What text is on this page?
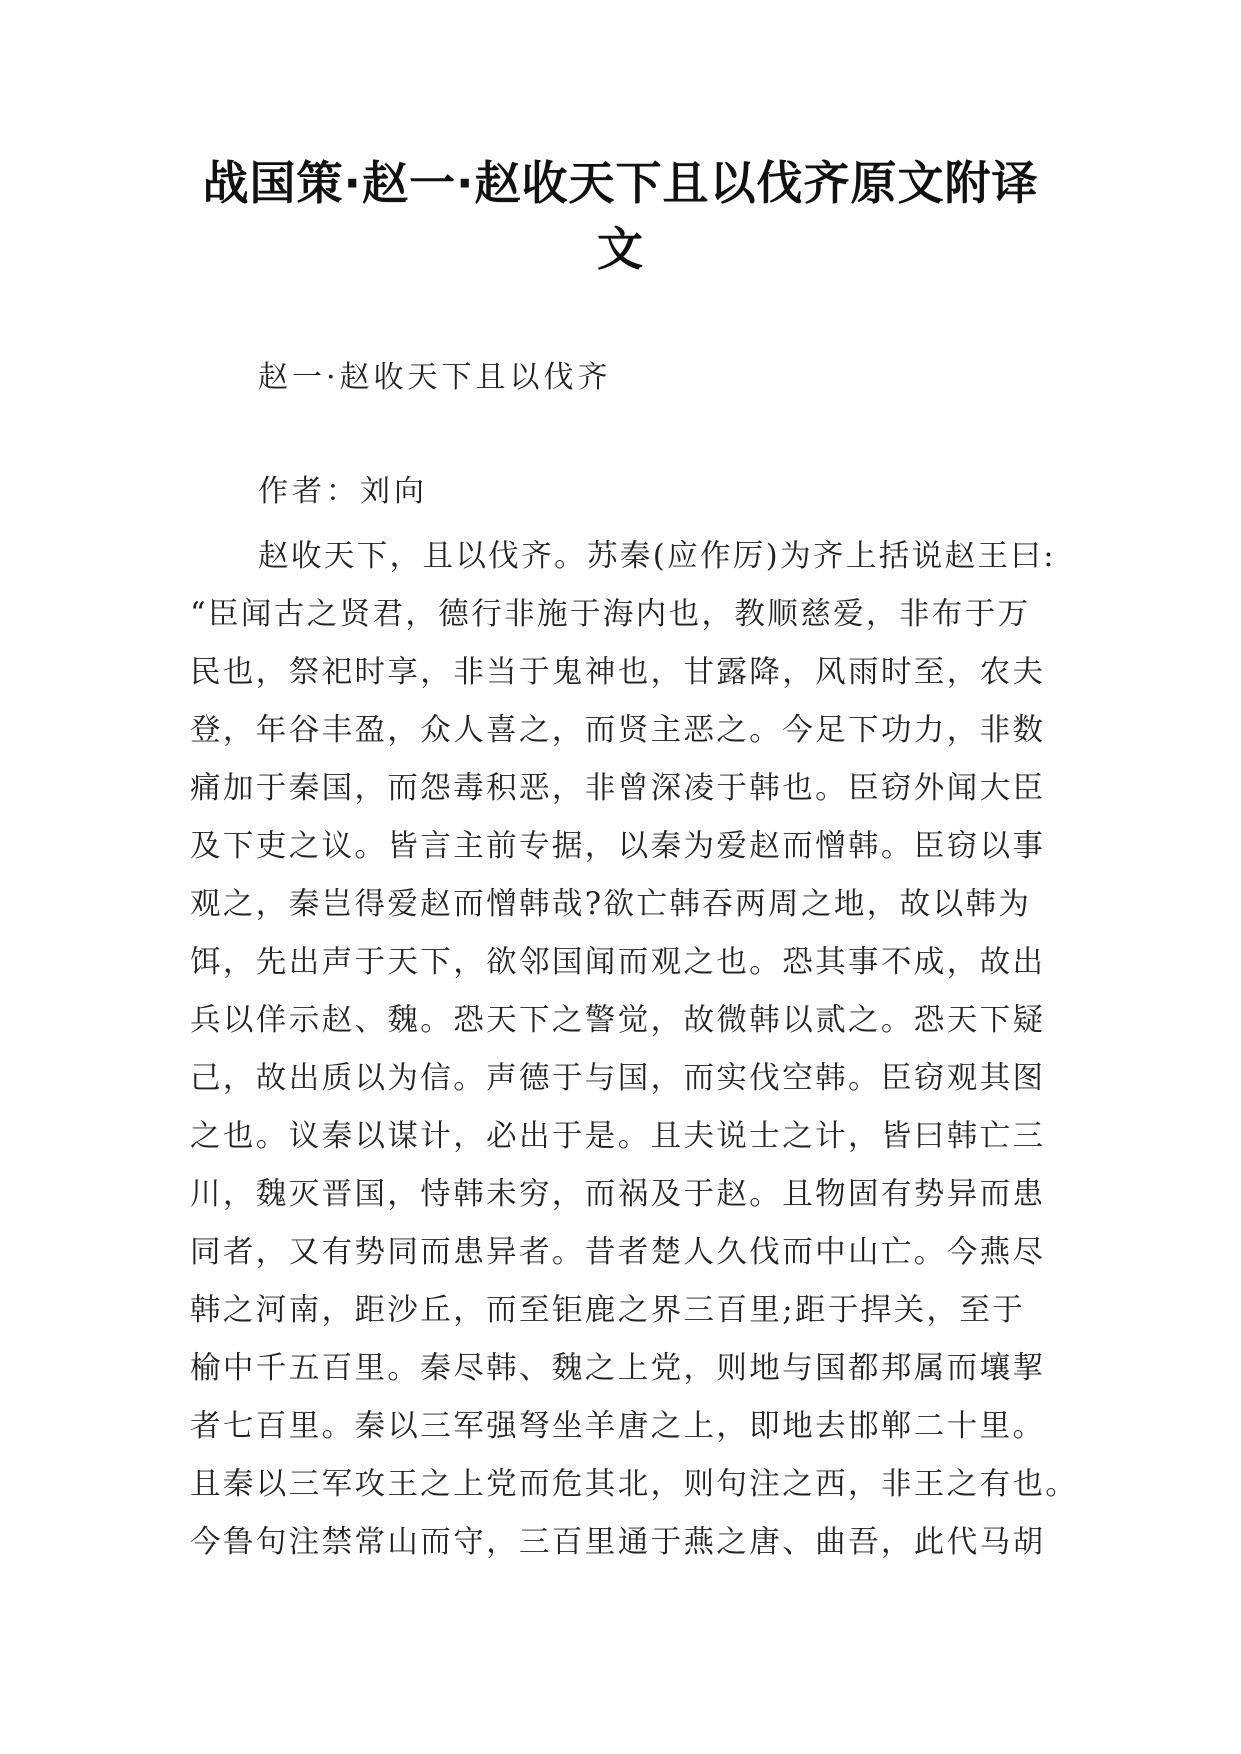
战国策·赵一·赵收天下且以伐齐原文附译
文
赵一·赵收天下且以伐齐
作者：刘向
赵收天下，且以伐齐。苏秦(应作厉)为齐上括说赵王曰:
“臣闻古之贤君，德行非施于海内也，教顺慈爱，非布于万
民也，祭祀时享，非当于鬼神也，甘露降，风雨时至，农夫
登，年谷丰盈，众人喜之，而贤主恶之。今足下功力，非数
痛加于秦国，而怨毒积恶，非曾深凌于韩也。臣窃外闻大臣
及下吏之议。皆言主前专据，以秦为爱赵而憎韩。臣窃以事
观之，秦岂得爱赵而憎韩哉?欲亡韩吞两周之地，故以韩为
饵，先出声于天下，欲邻国闻而观之也。恐其事不成，故出
兵以佯示赵、魏。恐天下之警觉，故微韩以贰之。恐天下疑
己，故出质以为信。声德于与国，而实伐空韩。臣窃观其图
之也。议秦以谋计，必出于是。且夫说士之计，皆曰韩亡三
川，魏灭晋国，恃韩未穷，而祸及于赵。且物固有势异而患
同者，又有势同而患异者。昔者楚人久伐而中山亡。今燕尽
韩之河南，距沙丘，而至钜鹿之界三百里;距于捍关，至于
榆中千五百里。秦尽韩、魏之上党，则地与国都邦属而壤挈
者七百里。秦以三军强弩坐羊唐之上，即地去邯郸二十里。
且秦以三军攻王之上党而危其北，则句注之西，非王之有也。
今鲁句注禁常山而守，三百里通于燕之唐、曲吾，此代马胡
